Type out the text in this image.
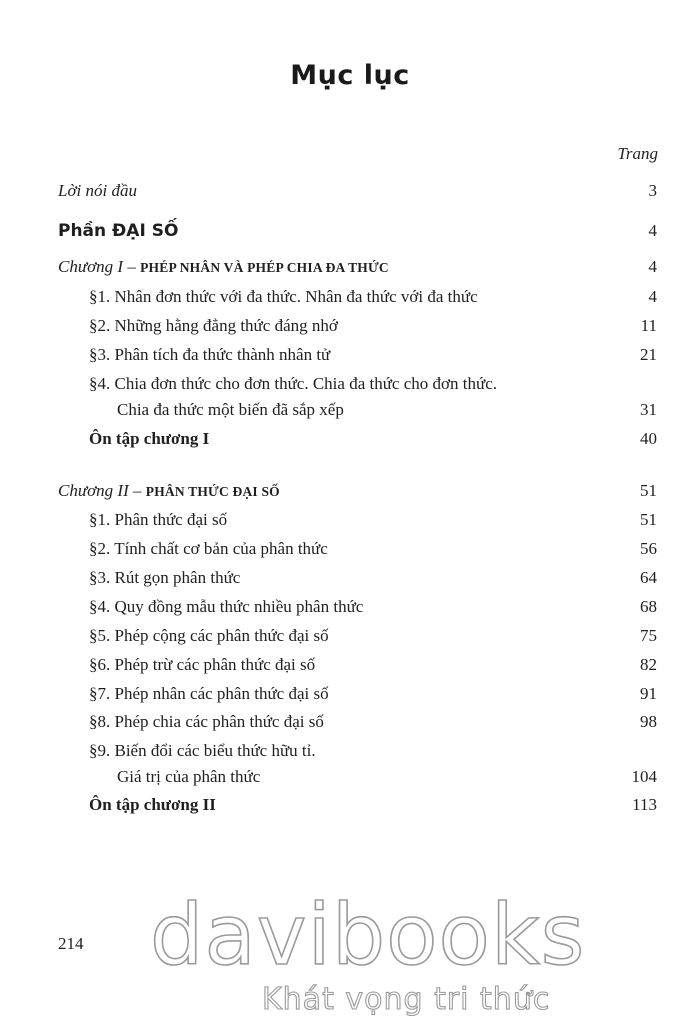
Mục lục
Trang
Lời nói đầu	3
Phần ĐẠI SỐ	4
Chương I – PHÉP NHÂN VÀ PHÉP CHIA ĐA THỨC	4
§1. Nhân đơn thức với đa thức. Nhân đa thức với đa thức	4
§2. Những hằng đẳng thức đáng nhớ	11
§3. Phân tích đa thức thành nhân tử	21
§4. Chia đơn thức cho đơn thức. Chia đa thức cho đơn thức.
Chia đa thức một biến đã sắp xếp	31
Ôn tập chương I	40
Chương II – PHÂN THỨC ĐẠI SỐ	51
§1. Phân thức đại số	51
§2. Tính chất cơ bản của phân thức	56
§3. Rút gọn phân thức	64
§4. Quy đồng mẫu thức nhiều phân thức	68
§5. Phép cộng các phân thức đại số	75
§6. Phép trừ các phân thức đại số	82
§7. Phép nhân các phân thức đại số	91
§8. Phép chia các phân thức đại số	98
§9. Biến đổi các biểu thức hữu tỉ.
Giá trị của phân thức	104
Ôn tập chương II	113
214 davibooks
Khát vọng tri thức
